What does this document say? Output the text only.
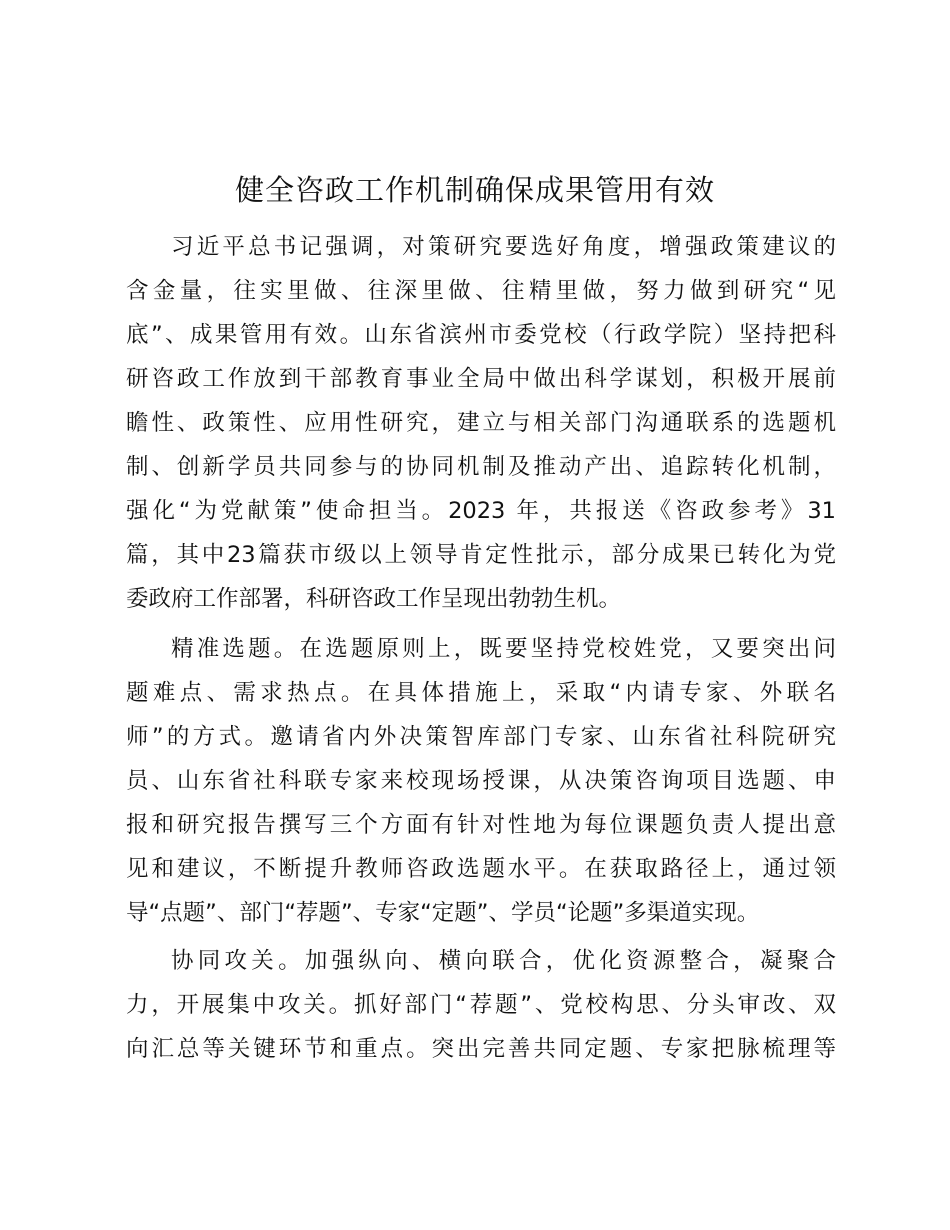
健全咨政工作机制确保成果管用有效
习近平总书记强调，对策研究要选好角度，增强政策建议的
含金量，往实里做、往深里做、往精里做，努力做到研究“见
底”、成果管用有效。山东省滨州市委党校（行政学院）坚持把科
研咨政工作放到干部教育事业全局中做出科学谋划，积极开展前
瞻性、政策性、应用性研究，建立与相关部门沟通联系的选题机
制、创新学员共同参与的协同机制及推动产出、追踪转化机制，
强化“为党献策”使命担当。2023 年，共报送《咨政参考》31
篇，其中23篇获市级以上领导肯定性批示，部分成果已转化为党
委政府工作部署，科研咨政工作呈现出勃勃生机。
精准选题。在选题原则上，既要坚持党校姓党，又要突出问
题难点、需求热点。在具体措施上，采取“内请专家、外联名
师”的方式。邀请省内外决策智库部门专家、山东省社科院研究
员、山东省社科联专家来校现场授课，从决策咨询项目选题、申
报和研究报告撰写三个方面有针对性地为每位课题负责人提出意
见和建议，不断提升教师咨政选题水平。在获取路径上，通过领
导“点题”、部门“荐题”、专家“定题”、学员“论题”多渠道实现。
协同攻关。加强纵向、横向联合，优化资源整合，凝聚合
力，开展集中攻关。抓好部门“荐题”、党校构思、分头审改、双
向汇总等关键环节和重点。突出完善共同定题、专家把脉梳理等
